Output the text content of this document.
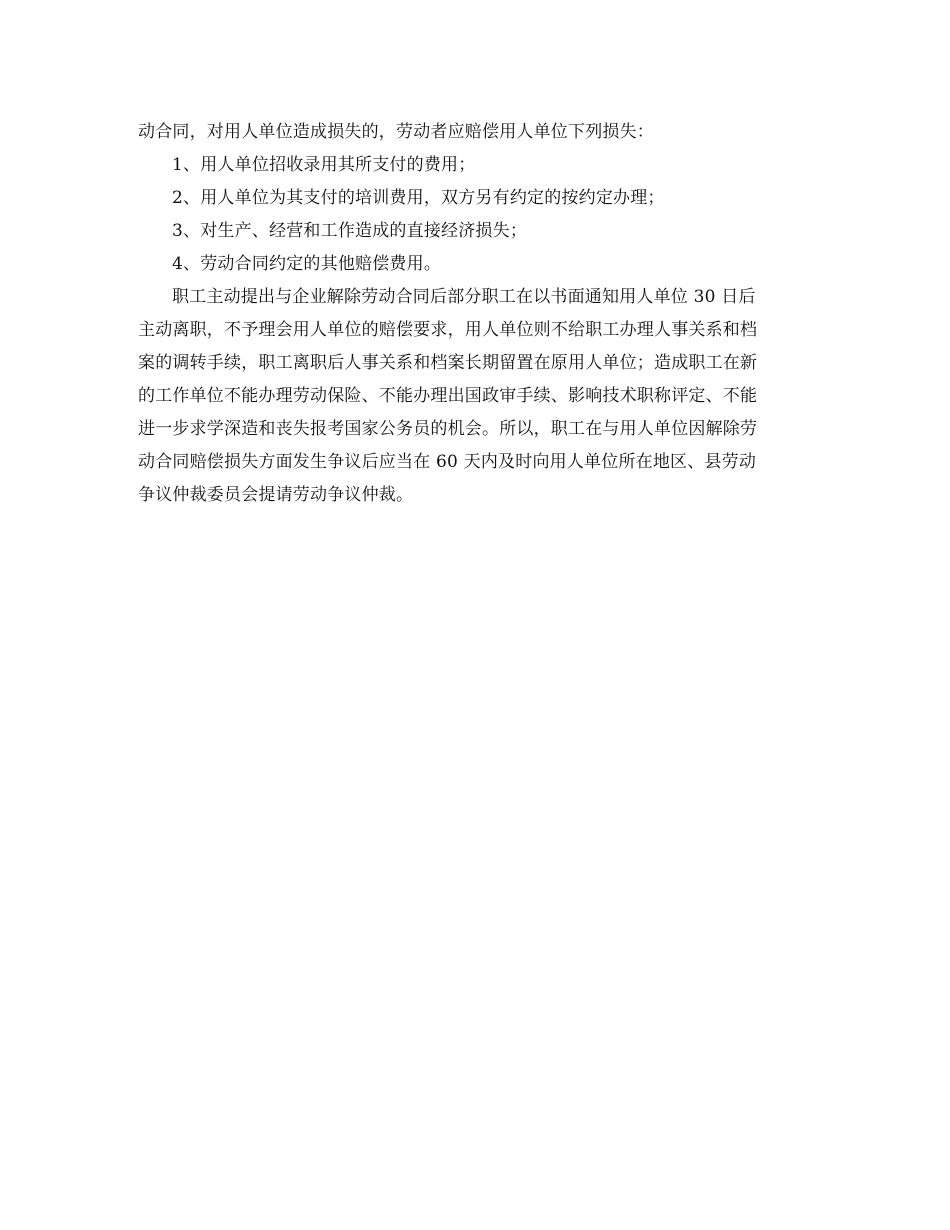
动合同，对用人单位造成损失的，劳动者应赔偿用人单位下列损失：
1、用人单位招收录用其所支付的费用；
2、用人单位为其支付的培训费用，双方另有约定的按约定办理；
3、对生产、经营和工作造成的直接经济损失；
4、劳动合同约定的其他赔偿费用。
职工主动提出与企业解除劳动合同后部分职工在以书面通知用人单位 30 日后
主动离职，不予理会用人单位的赔偿要求，用人单位则不给职工办理人事关系和档
案的调转手续，职工离职后人事关系和档案长期留置在原用人单位；造成职工在新
的工作单位不能办理劳动保险、不能办理出国政审手续、影响技术职称评定、不能
进一步求学深造和丧失报考国家公务员的机会。所以，职工在与用人单位因解除劳
动合同赔偿损失方面发生争议后应当在 60 天内及时向用人单位所在地区、县劳动
争议仲裁委员会提请劳动争议仲裁。
